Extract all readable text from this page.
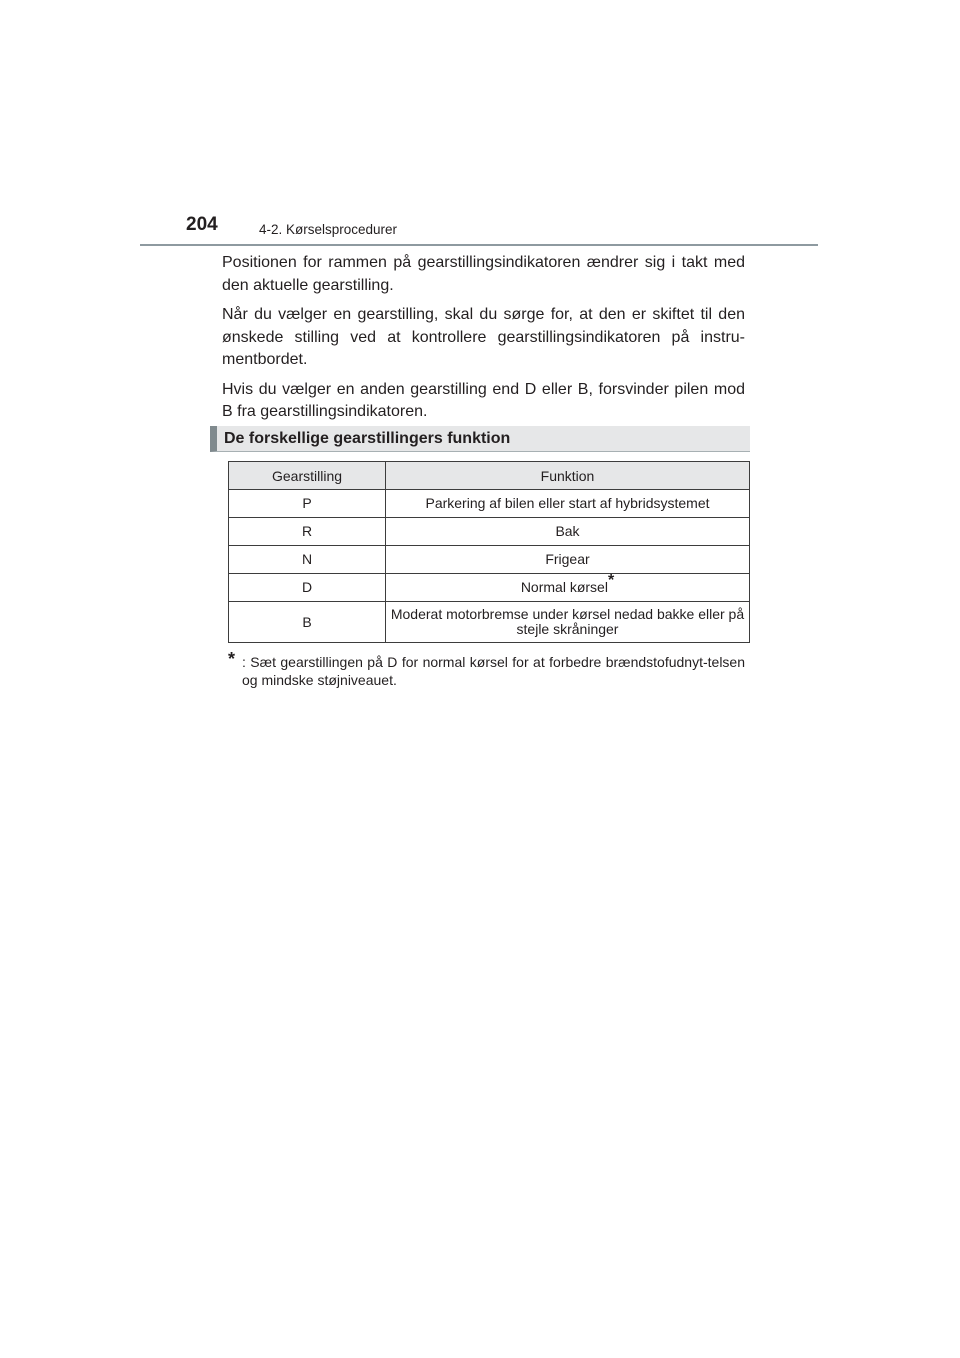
204	4-2. Kørselsprocedurer

Positionen for rammen på gearstillingsindikatoren ændrer sig i takt med den aktuelle gearstilling.

Når du vælger en gearstilling, skal du sørge for, at den er skiftet til den ønskede stilling ved at kontrollere gearstillingsindikatoren på instru-mentbordet.

Hvis du vælger en anden gearstilling end D eller B, forsvinder pilen mod B fra gearstillingsindikatoren.

De forskellige gearstillingers funktion
Gearstilling	Funktion
P	Parkering af bilen eller start af hybridsystemet
R	Bak
N	Frigear
D	Normal kørsel*
B	Moderat motorbremse under kørsel nedad bakke eller på stejle skråninger
* : Sæt gearstillingen på D for normal kørsel for at forbedre brændstofudnyt-telsen og mindske støjniveauet.
